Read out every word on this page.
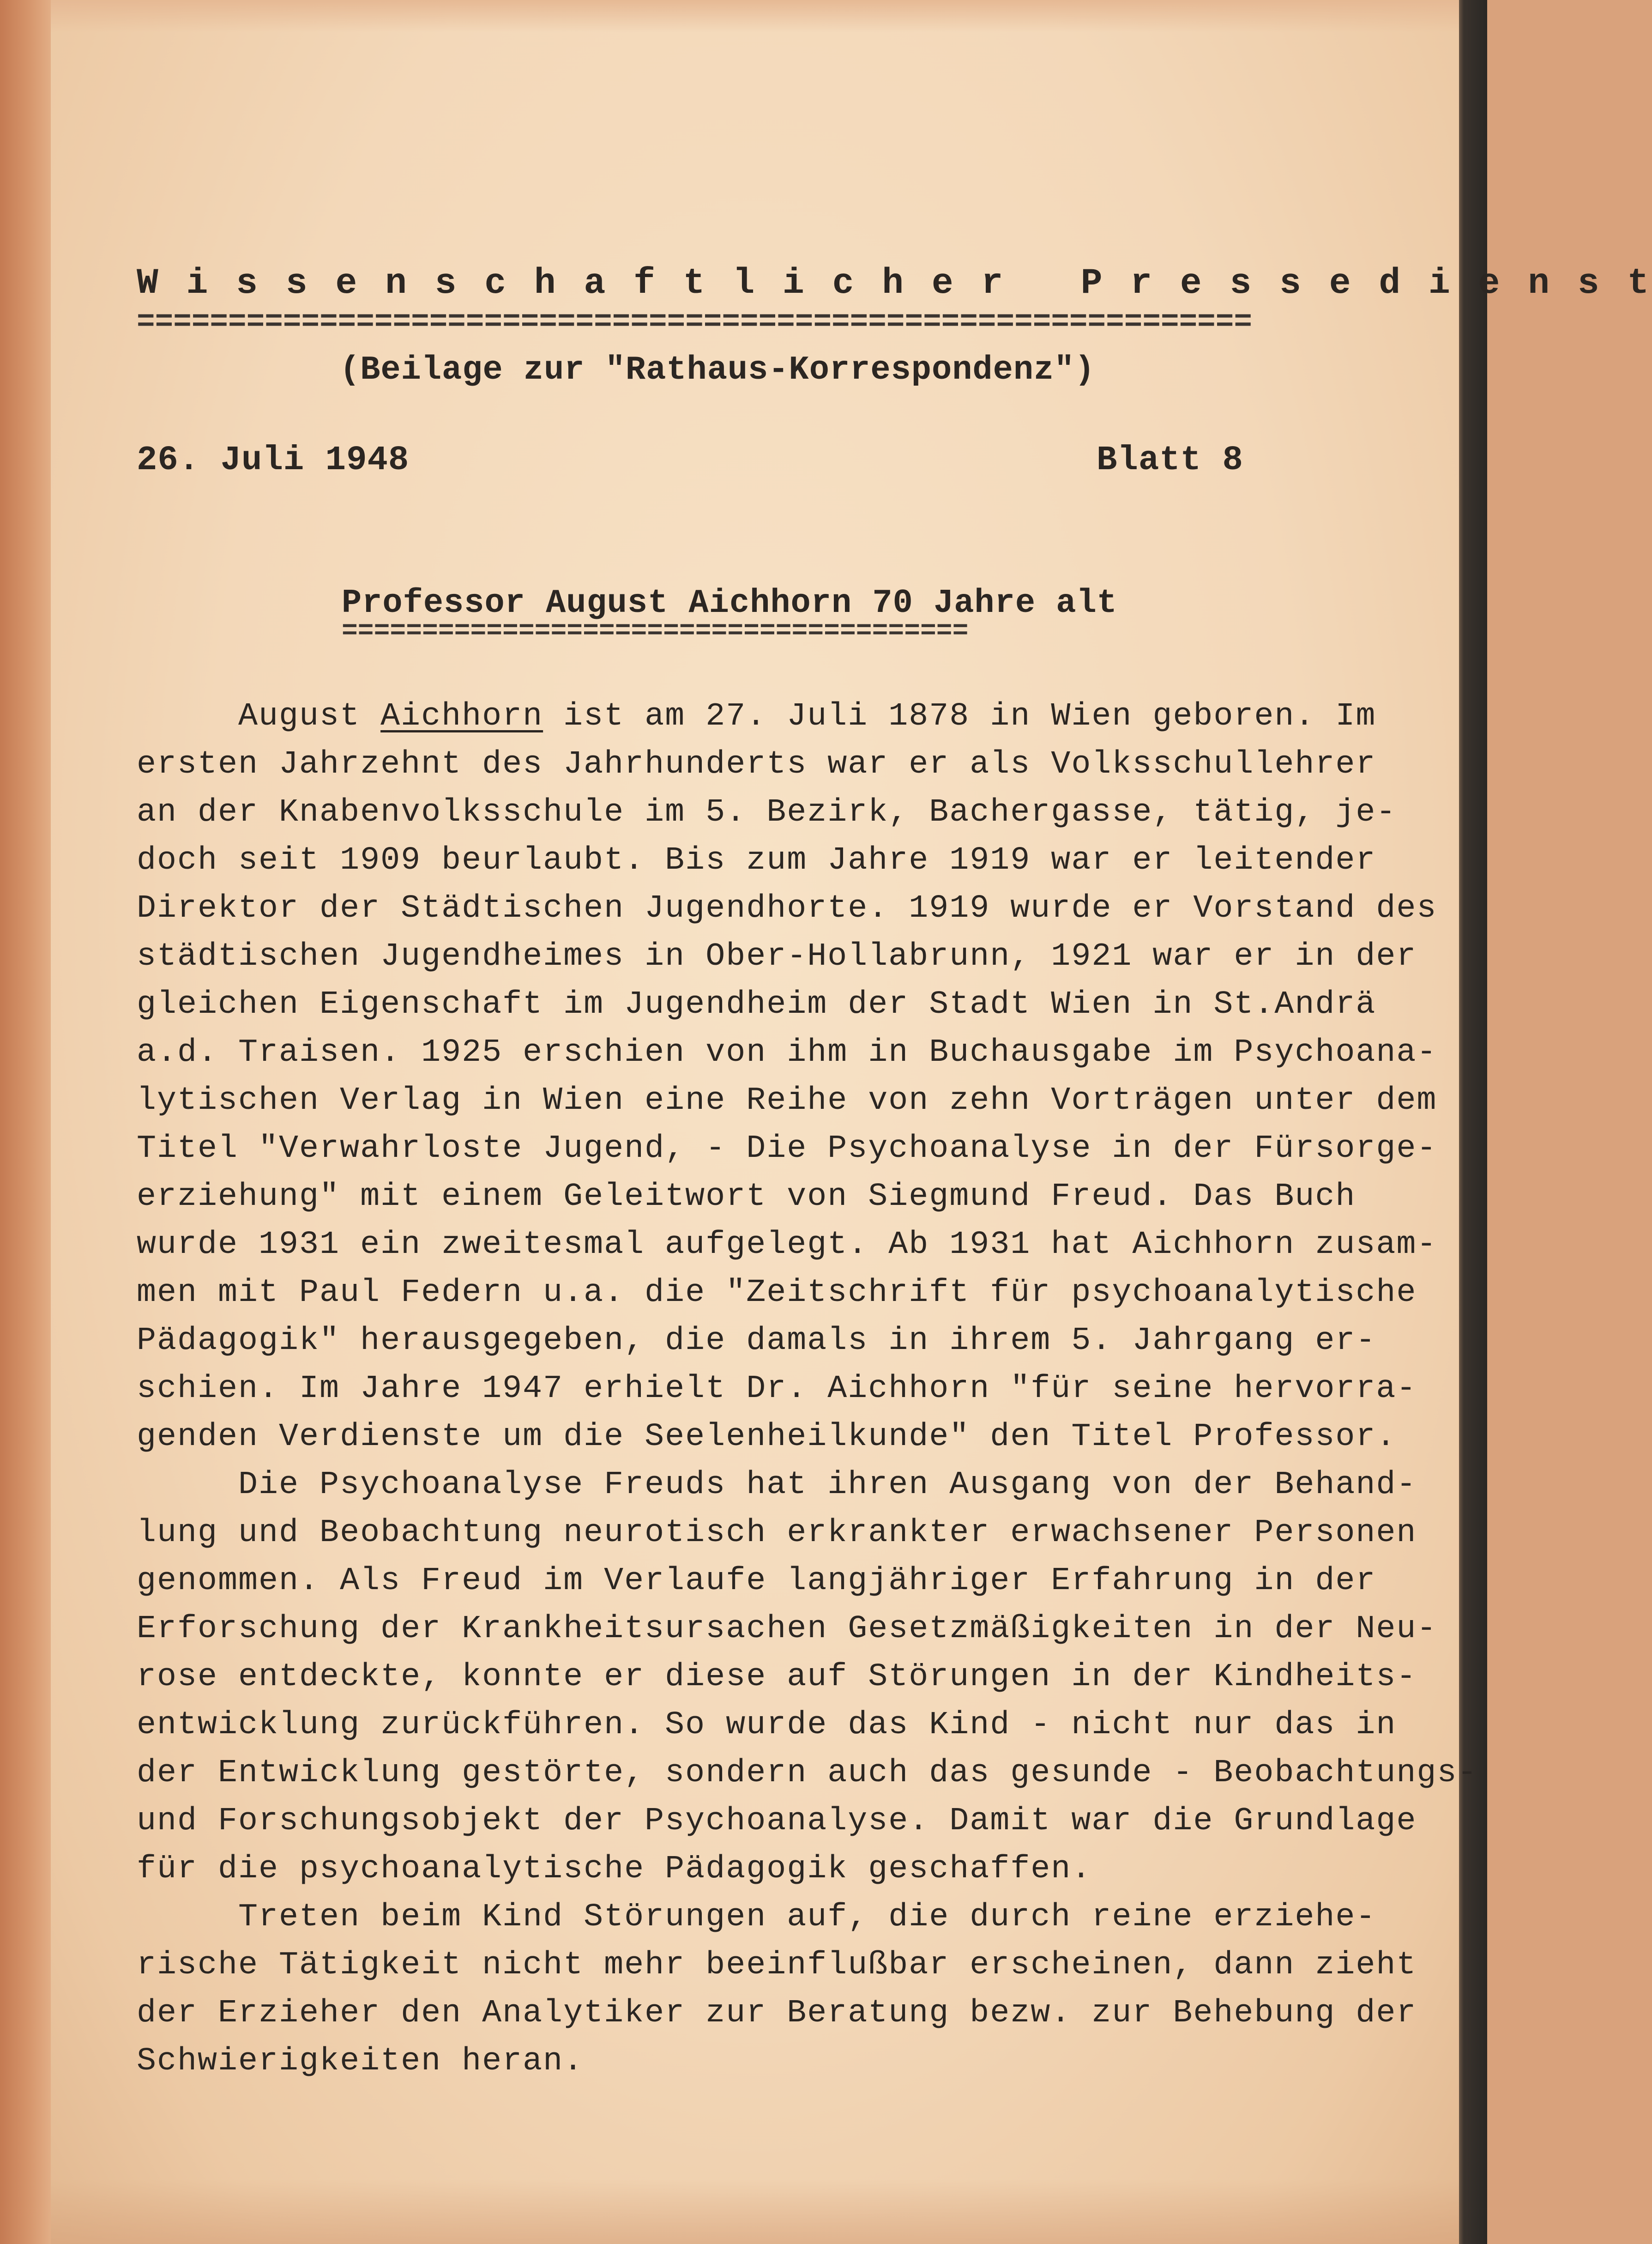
W i s s e n s c h a f t l i c h e r   P r e s s e d i e n s t
=============================================================
(Beilage zur "Rathaus-Korrespondenz")
26. Juli 1948	Blatt 8
Professor August Aichhorn 70 Jahre alt
=======================================
August Aichhorn ist am 27. Juli 1878 in Wien geboren. Im
ersten Jahrzehnt des Jahrhunderts war er als Volksschullehrer
an der Knabenvolksschule im 5. Bezirk, Bachergasse, tätig, je-
doch seit 1909 beurlaubt. Bis zum Jahre 1919 war er leitender
Direktor der Städtischen Jugendhorte. 1919 wurde er Vorstand des
städtischen Jugendheimes in Ober-Hollabrunn, 1921 war er in der
gleichen Eigenschaft im Jugendheim der Stadt Wien in St.Andrä
a.d. Traisen. 1925 erschien von ihm in Buchausgabe im Psychoana-
lytischen Verlag in Wien eine Reihe von zehn Vorträgen unter dem
Titel "Verwahrloste Jugend, - Die Psychoanalyse in der Fürsorge-
erziehung" mit einem Geleitwort von Siegmund Freud. Das Buch
wurde 1931 ein zweitesmal aufgelegt. Ab 1931 hat Aichhorn zusam-
men mit Paul Federn u.a. die "Zeitschrift für psychoanalytische
Pädagogik" herausgegeben, die damals in ihrem 5. Jahrgang er-
schien. Im Jahre 1947 erhielt Dr. Aichhorn "für seine hervorra-
genden Verdienste um die Seelenheilkunde" den Titel Professor.
Die Psychoanalyse Freuds hat ihren Ausgang von der Behand-
lung und Beobachtung neurotisch erkrankter erwachsener Personen
genommen. Als Freud im Verlaufe langjähriger Erfahrung in der
Erforschung der Krankheitsursachen Gesetzmäßigkeiten in der Neu-
rose entdeckte, konnte er diese auf Störungen in der Kindheits-
entwicklung zurückführen. So wurde das Kind - nicht nur das in
der Entwicklung gestörte, sondern auch das gesunde - Beobachtungs-
und Forschungsobjekt der Psychoanalyse. Damit war die Grundlage
für die psychoanalytische Pädagogik geschaffen.
Treten beim Kind Störungen auf, die durch reine erziehe-
rische Tätigkeit nicht mehr beeinflußbar erscheinen, dann zieht
der Erzieher den Analytiker zur Beratung bezw. zur Behebung der
Schwierigkeiten heran.
